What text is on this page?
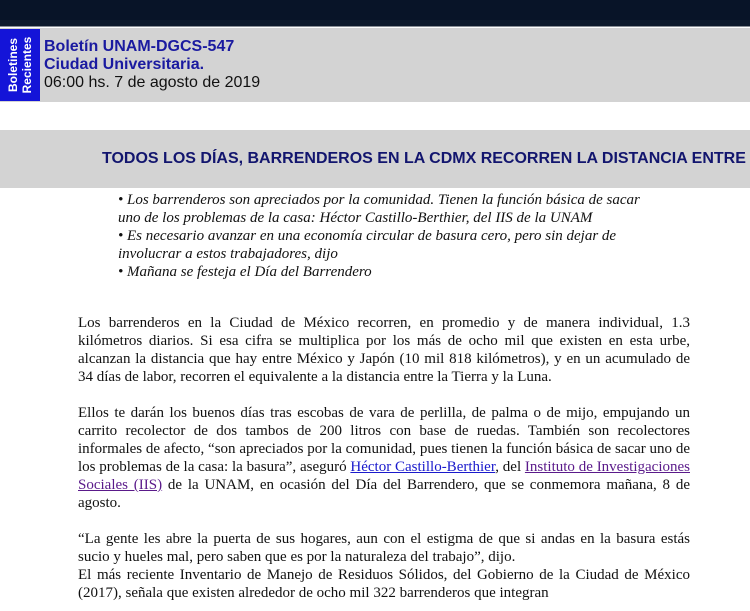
Boletines Recientes Boletín UNAM-DGCS-547
Ciudad Universitaria.
06:00 hs. 7 de agosto de 2019
TODOS LOS DÍAS, BARRENDEROS EN LA CDMX RECORREN LA DISTANCIA ENTRE
• Los barrenderos son apreciados por la comunidad. Tienen la función básica de sacar uno de los problemas de la casa: Héctor Castillo-Berthier, del IIS de la UNAM
• Es necesario avanzar en una economía circular de basura cero, pero sin dejar de involucrar a estos trabajadores, dijo
• Mañana se festeja el Día del Barrendero

Los barrenderos en la Ciudad de México recorren, en promedio y de manera individual, 1.3 kilómetros diarios. Si esa cifra se multiplica por los más de ocho mil que existen en esta urbe, alcanzan la distancia que hay entre México y Japón (10 mil 818 kilómetros), y en un acumulado de 34 días de labor, recorren el equivalente a la distancia entre la Tierra y la Luna.

Ellos te darán los buenos días tras escobas de vara de perlilla, de palma o de mijo, empujando un carrito recolector de dos tambos de 200 litros con base de ruedas. También son recolectores informales de afecto, “son apreciados por la comunidad, pues tienen la función básica de sacar uno de los problemas de la casa: la basura”, aseguró Héctor Castillo-Berthier, del Instituto de Investigaciones Sociales (IIS) de la UNAM, en ocasión del Día del Barrendero, que se conmemora mañana, 8 de agosto.

“La gente les abre la puerta de sus hogares, aun con el estigma de que si andas en la basura estás sucio y hueles mal, pero saben que es por la naturaleza del trabajo”, dijo.

El más reciente Inventario de Manejo de Residuos Sólidos, del Gobierno de la Ciudad de México (2017), señala que existen alrededor de ocho mil 322 barrenderos que integran
